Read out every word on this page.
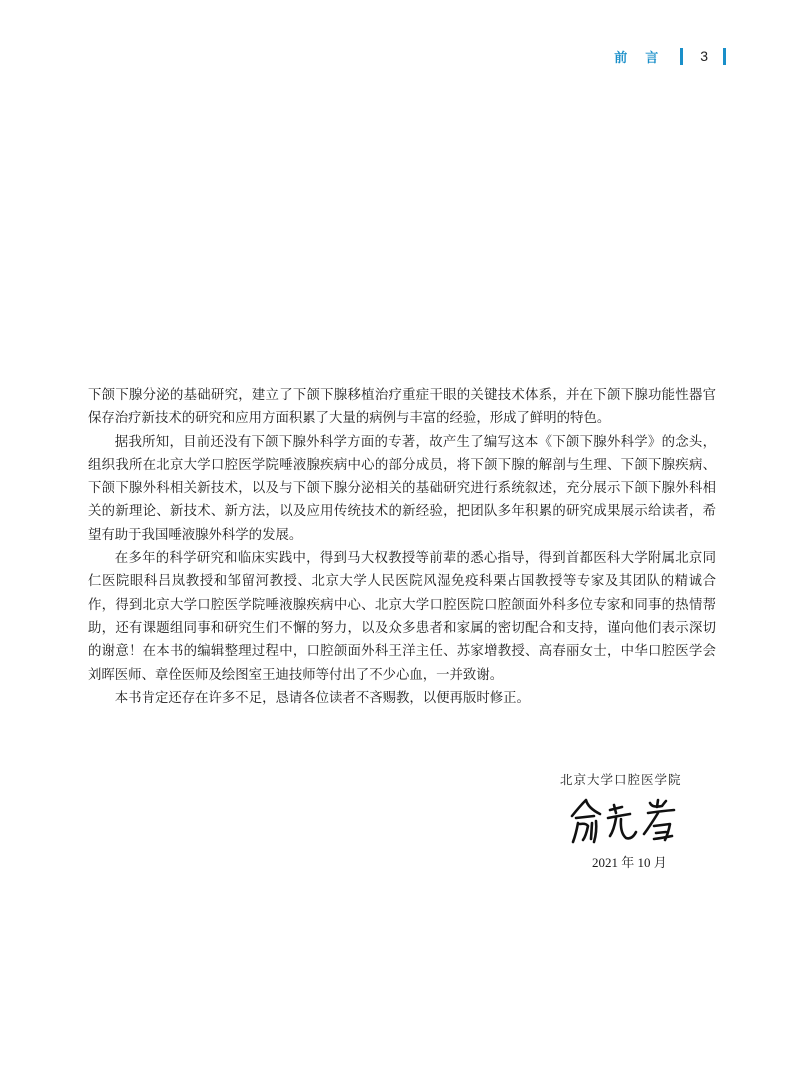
前言 3

下颌下腺分泌的基础研究，建立了下颌下腺移植治疗重症干眼的关键技术体系，并在下颌下腺功能性器官保存治疗新技术的研究和应用方面积累了大量的病例与丰富的经验，形成了鲜明的特色。

据我所知，目前还没有下颌下腺外科学方面的专著，故产生了编写这本《下颌下腺外科学》的念头，组织我所在北京大学口腔医学院唾液腺疾病中心的部分成员，将下颌下腺的解剖与生理、下颌下腺疾病、下颌下腺外科相关新技术，以及与下颌下腺分泌相关的基础研究进行系统叙述，充分展示下颌下腺外科相关的新理论、新技术、新方法，以及应用传统技术的新经验，把团队多年积累的研究成果展示给读者，希望有助于我国唾液腺外科学的发展。

在多年的科学研究和临床实践中，得到马大权教授等前辈的悉心指导，得到首都医科大学附属北京同仁医院眼科吕岚教授和邹留河教授、北京大学人民医院风湿免疫科栗占国教授等专家及其团队的精诚合作，得到北京大学口腔医学院唾液腺疾病中心、北京大学口腔医院口腔颌面外科多位专家和同事的热情帮助，还有课题组同事和研究生们不懈的努力，以及众多患者和家属的密切配合和支持，谨向他们表示深切的谢意！在本书的编辑整理过程中，口腔颌面外科王洋主任、苏家增教授、高春丽女士，中华口腔医学会刘晖医师、章佺医师及绘图室王迪技师等付出了不少心血，一并致谢。

本书肯定还存在许多不足，恳请各位读者不吝赐教，以便再版时修正。

北京大学口腔医学院
2021 年 10 月
